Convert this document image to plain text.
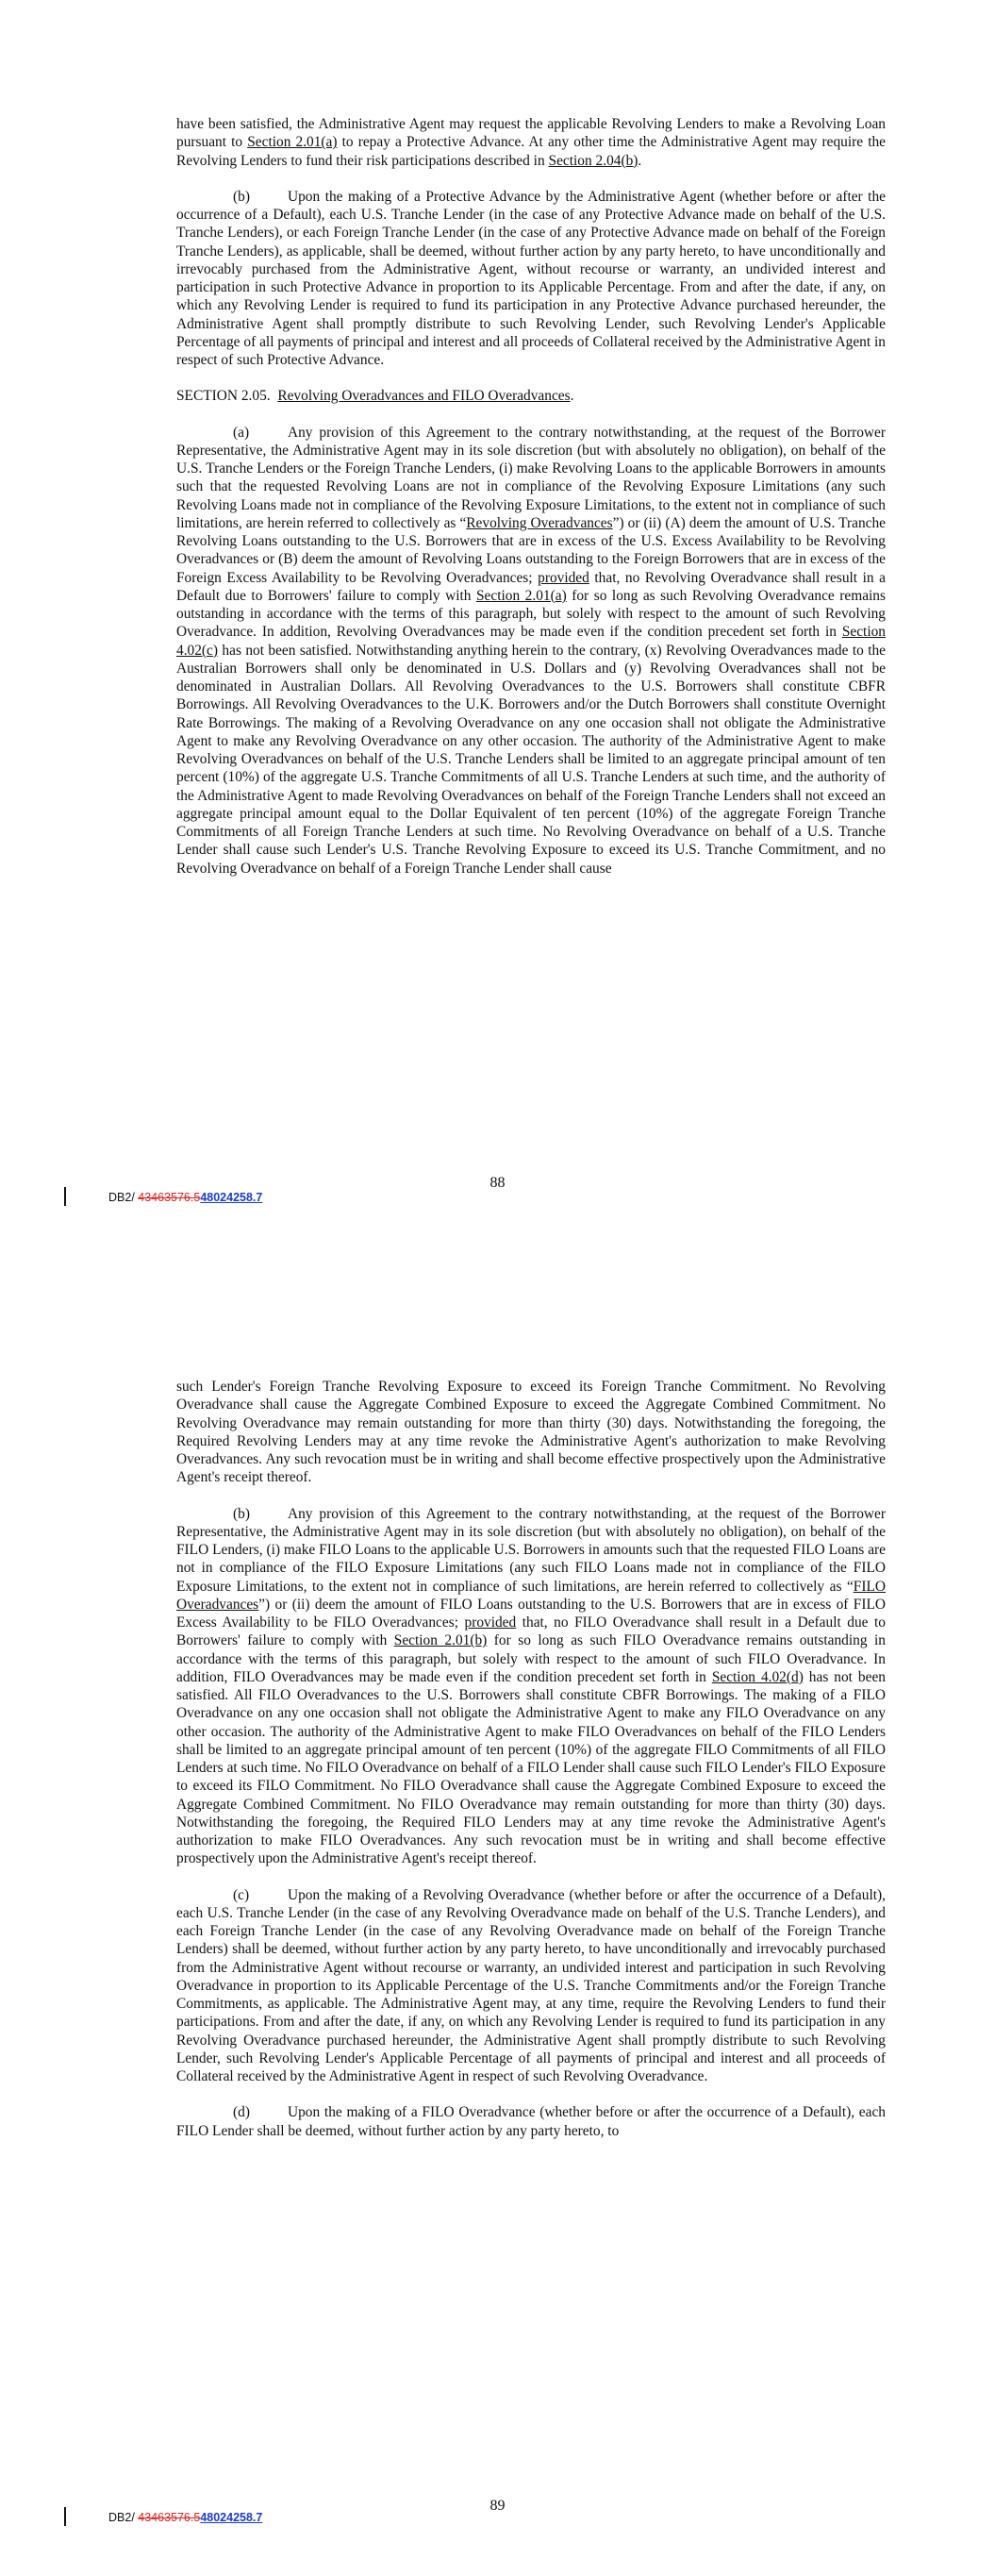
have been satisfied, the Administrative Agent may request the applicable Revolving Lenders to make a Revolving Loan pursuant to Section 2.01(a) to repay a Protective Advance. At any other time the Administrative Agent may require the Revolving Lenders to fund their risk participations described in Section 2.04(b).

(b)	Upon the making of a Protective Advance by the Administrative Agent (whether before or after the occurrence of a Default), each U.S. Tranche Lender (in the case of any Protective Advance made on behalf of the U.S. Tranche Lenders), or each Foreign Tranche Lender (in the case of any Protective Advance made on behalf of the Foreign Tranche Lenders), as applicable, shall be deemed, without further action by any party hereto, to have unconditionally and irrevocably purchased from the Administrative Agent, without recourse or warranty, an undivided interest and participation in such Protective Advance in proportion to its Applicable Percentage. From and after the date, if any, on which any Revolving Lender is required to fund its participation in any Protective Advance purchased hereunder, the Administrative Agent shall promptly distribute to such Revolving Lender, such Revolving Lender's Applicable Percentage of all payments of principal and interest and all proceeds of Collateral received by the Administrative Agent in respect of such Protective Advance.

SECTION 2.05. Revolving Overadvances and FILO Overadvances.

(a)	Any provision of this Agreement to the contrary notwithstanding, at the request of the Borrower Representative, the Administrative Agent may in its sole discretion (but with absolutely no obligation), on behalf of the U.S. Tranche Lenders or the Foreign Tranche Lenders, (i) make Revolving Loans to the applicable Borrowers in amounts such that the requested Revolving Loans are not in compliance of the Revolving Exposure Limitations (any such Revolving Loans made not in compliance of the Revolving Exposure Limitations, to the extent not in compliance of such limitations, are herein referred to collectively as “Revolving Overadvances”) or (ii) (A) deem the amount of U.S. Tranche Revolving Loans outstanding to the U.S. Borrowers that are in excess of the U.S. Excess Availability to be Revolving Overadvances or (B) deem the amount of Revolving Loans outstanding to the Foreign Borrowers that are in excess of the Foreign Excess Availability to be Revolving Overadvances; provided that, no Revolving Overadvance shall result in a Default due to Borrowers' failure to comply with Section 2.01(a) for so long as such Revolving Overadvance remains outstanding in accordance with the terms of this paragraph, but solely with respect to the amount of such Revolving Overadvance. In addition, Revolving Overadvances may be made even if the condition precedent set forth in Section 4.02(c) has not been satisfied. Notwithstanding anything herein to the contrary, (x) Revolving Overadvances made to the Australian Borrowers shall only be denominated in U.S. Dollars and (y) Revolving Overadvances shall not be denominated in Australian Dollars. All Revolving Overadvances to the U.S. Borrowers shall constitute CBFR Borrowings. All Revolving Overadvances to the U.K. Borrowers and/or the Dutch Borrowers shall constitute Overnight Rate Borrowings. The making of a Revolving Overadvance on any one occasion shall not obligate the Administrative Agent to make any Revolving Overadvance on any other occasion. The authority of the Administrative Agent to make Revolving Overadvances on behalf of the U.S. Tranche Lenders shall be limited to an aggregate principal amount of ten percent (10%) of the aggregate U.S. Tranche Commitments of all U.S. Tranche Lenders at such time, and the authority of the Administrative Agent to made Revolving Overadvances on behalf of the Foreign Tranche Lenders shall not exceed an aggregate principal amount equal to the Dollar Equivalent of ten percent (10%) of the aggregate Foreign Tranche Commitments of all Foreign Tranche Lenders at such time. No Revolving Overadvance on behalf of a U.S. Tranche Lender shall cause such Lender's U.S. Tranche Revolving Exposure to exceed its U.S. Tranche Commitment, and no Revolving Overadvance on behalf of a Foreign Tranche Lender shall cause

88
DB2/ 43463576.548024258.7

such Lender's Foreign Tranche Revolving Exposure to exceed its Foreign Tranche Commitment. No Revolving Overadvance shall cause the Aggregate Combined Exposure to exceed the Aggregate Combined Commitment. No Revolving Overadvance may remain outstanding for more than thirty (30) days. Notwithstanding the foregoing, the Required Revolving Lenders may at any time revoke the Administrative Agent's authorization to make Revolving Overadvances. Any such revocation must be in writing and shall become effective prospectively upon the Administrative Agent's receipt thereof.

(b)	Any provision of this Agreement to the contrary notwithstanding, at the request of the Borrower Representative, the Administrative Agent may in its sole discretion (but with absolutely no obligation), on behalf of the FILO Lenders, (i) make FILO Loans to the applicable U.S. Borrowers in amounts such that the requested FILO Loans are not in compliance of the FILO Exposure Limitations (any such FILO Loans made not in compliance of the FILO Exposure Limitations, to the extent not in compliance of such limitations, are herein referred to collectively as “FILO Overadvances”) or (ii) deem the amount of FILO Loans outstanding to the U.S. Borrowers that are in excess of FILO Excess Availability to be FILO Overadvances; provided that, no FILO Overadvance shall result in a Default due to Borrowers' failure to comply with Section 2.01(b) for so long as such FILO Overadvance remains outstanding in accordance with the terms of this paragraph, but solely with respect to the amount of such FILO Overadvance. In addition, FILO Overadvances may be made even if the condition precedent set forth in Section 4.02(d) has not been satisfied. All FILO Overadvances to the U.S. Borrowers shall constitute CBFR Borrowings. The making of a FILO Overadvance on any one occasion shall not obligate the Administrative Agent to make any FILO Overadvance on any other occasion. The authority of the Administrative Agent to make FILO Overadvances on behalf of the FILO Lenders shall be limited to an aggregate principal amount of ten percent (10%) of the aggregate FILO Commitments of all FILO Lenders at such time. No FILO Overadvance on behalf of a FILO Lender shall cause such FILO Lender's FILO Exposure to exceed its FILO Commitment. No FILO Overadvance shall cause the Aggregate Combined Exposure to exceed the Aggregate Combined Commitment. No FILO Overadvance may remain outstanding for more than thirty (30) days. Notwithstanding the foregoing, the Required FILO Lenders may at any time revoke the Administrative Agent's authorization to make FILO Overadvances. Any such revocation must be in writing and shall become effective prospectively upon the Administrative Agent's receipt thereof.

(c)	Upon the making of a Revolving Overadvance (whether before or after the occurrence of a Default), each U.S. Tranche Lender (in the case of any Revolving Overadvance made on behalf of the U.S. Tranche Lenders), and each Foreign Tranche Lender (in the case of any Revolving Overadvance made on behalf of the Foreign Tranche Lenders) shall be deemed, without further action by any party hereto, to have unconditionally and irrevocably purchased from the Administrative Agent without recourse or warranty, an undivided interest and participation in such Revolving Overadvance in proportion to its Applicable Percentage of the U.S. Tranche Commitments and/or the Foreign Tranche Commitments, as applicable. The Administrative Agent may, at any time, require the Revolving Lenders to fund their participations. From and after the date, if any, on which any Revolving Lender is required to fund its participation in any Revolving Overadvance purchased hereunder, the Administrative Agent shall promptly distribute to such Revolving Lender, such Revolving Lender's Applicable Percentage of all payments of principal and interest and all proceeds of Collateral received by the Administrative Agent in respect of such Revolving Overadvance.

(d)	Upon the making of a FILO Overadvance (whether before or after the occurrence of a Default), each FILO Lender shall be deemed, without further action by any party hereto, to

89
DB2/ 43463576.548024258.7
